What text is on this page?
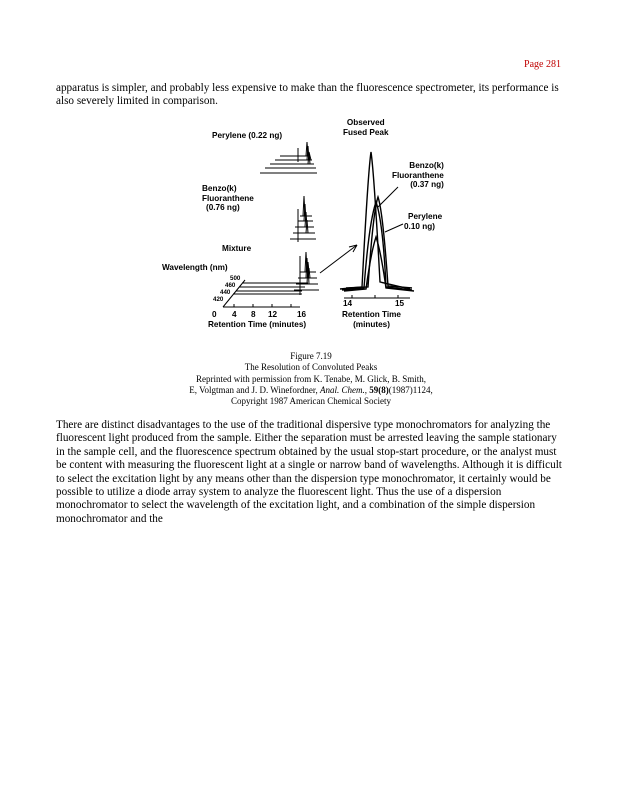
Page 281

apparatus is simpler, and probably less expensive to make than the fluorescence spectrometer, its performance is also severely limited in comparison.

Perylene (0.22 ng)
Benzo(k)
Fluoranthene
(0.76 ng)
Mixture
Wavelength (nm)
500
460
440
420
0 4 8 12 16
Retention Time (minutes)
Observed
Fused Peak
Benzo(k)
Fluoranthene
(0.37 ng)
Perylene
0.10 ng)
14	15
Retention Time
(minutes)
Figure 7.19
The Resolution of Convoluted Peaks
Reprinted with permission from K. Tenabe, M. Glick, B. Smith,
E, Volgtman and J. D. Winefordner, Anal. Chem., 59(8)(1987)1124,
Copyright 1987 American Chemical Society

There are distinct disadvantages to the use of the traditional dispersive type monochromators for analyzing the fluorescent light produced from the sample. Either the separation must be arrested leaving the sample stationary in the sample cell, and the fluorescence spectrum obtained by the usual stop-start procedure, or the analyst must be content with measuring the fluorescent light at a single or narrow band of wavelengths. Although it is difficult to select the excitation light by any means other than the dispersion type monochromator, it certainly would be possible to utilize a diode array system to analyze the fluorescent light. Thus the use of a dispersion monochromator to select the wavelength of the excitation light, and a combination of the simple dispersion monochromator and the
